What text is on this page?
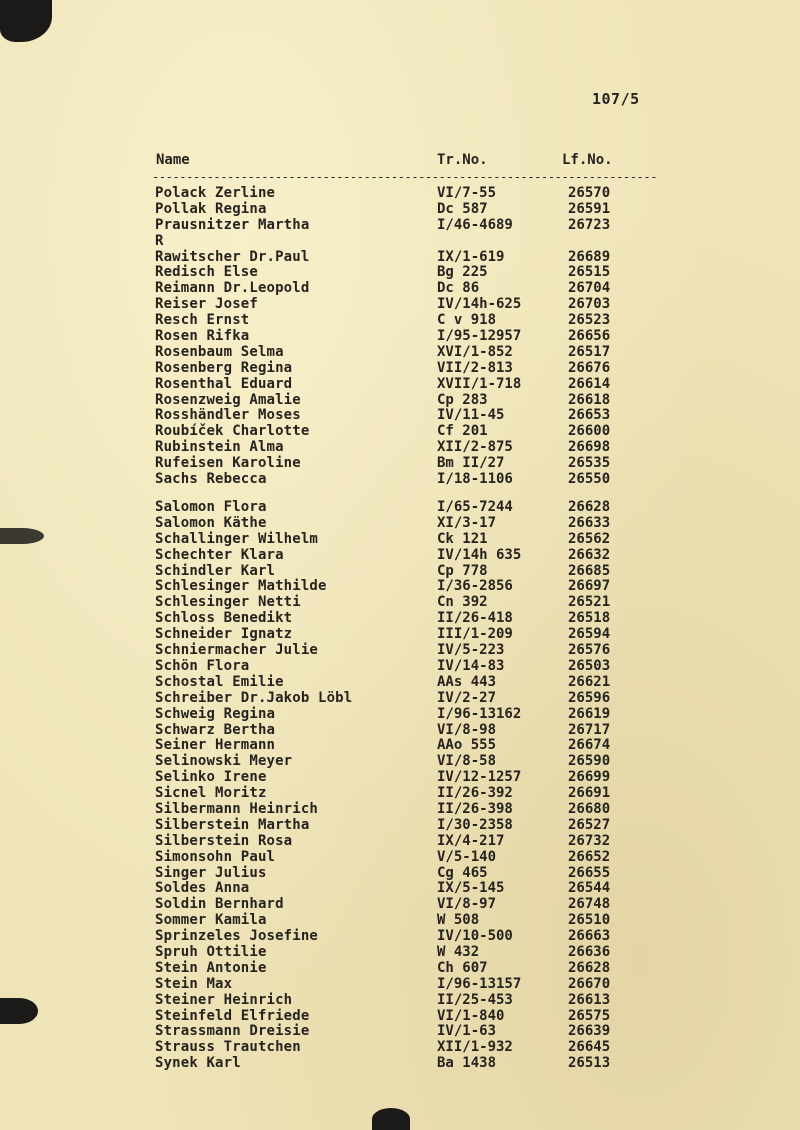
107/5
Name	Tr.No.	Lf.No.
--------------------------------------------------------------------------
Polack Zerline	VI/7-55	26570
Pollak Regina	Dc 587	26591
Prausnitzer Martha	I/46-4689	26723
R
Rawitscher Dr.Paul	IX/1-619	26689
Redisch Else	Bg 225	26515
Reimann Dr.Leopold	Dc 86	26704
Reiser Josef	IV/14h-625	26703
Resch Ernst	C v 918	26523
Rosen Rifka	I/95-12957	26656
Rosenbaum Selma	XVI/1-852	26517
Rosenberg Regina	VII/2-813	26676
Rosenthal Eduard	XVII/1-718	26614
Rosenzweig Amalie	Cp 283	26618
Rosshändler Moses	IV/11-45	26653
Roubíček Charlotte	Cf 201	26600
Rubinstein Alma	XII/2-875	26698
Rufeisen Karoline	Bm II/27	26535
Sachs Rebecca	I/18-1106	26550
Salomon Flora	I/65-7244	26628
Salomon Käthe	XI/3-17	26633
Schallinger Wilhelm	Ck 121	26562
Schechter Klara	IV/14h 635	26632
Schindler Karl	Cp 778	26685
Schlesinger Mathilde	I/36-2856	26697
Schlesinger Netti	Cn 392	26521
Schloss Benedikt	II/26-418	26518
Schneider Ignatz	III/1-209	26594
Schniermacher Julie	IV/5-223	26576
Schön Flora	IV/14-83	26503
Schostal Emilie	AAs 443	26621
Schreiber Dr.Jakob Löbl	IV/2-27	26596
Schweig Regina	I/96-13162	26619
Schwarz Bertha	VI/8-98	26717
Seiner Hermann	AAo 555	26674
Selinowski Meyer	VI/8-58	26590
Selinko Irene	IV/12-1257	26699
Sicnel Moritz	II/26-392	26691
Silbermann Heinrich	II/26-398	26680
Silberstein Martha	I/30-2358	26527
Silberstein Rosa	IX/4-217	26732
Simonsohn Paul	V/5-140	26652
Singer Julius	Cg 465	26655
Soldes Anna	IX/5-145	26544
Soldin Bernhard	VI/8-97	26748
Sommer Kamila	W 508	26510
Sprinzeles Josefine	IV/10-500	26663
Spruh Ottilie	W 432	26636
Stein Antonie	Ch 607	26628
Stein Max	I/96-13157	26670
Steiner Heinrich	II/25-453	26613
Steinfeld Elfriede	VI/1-840	26575
Strassmann Dreisie	IV/1-63	26639
Strauss Trautchen	XII/1-932	26645
Synek Karl	Ba 1438	26513
